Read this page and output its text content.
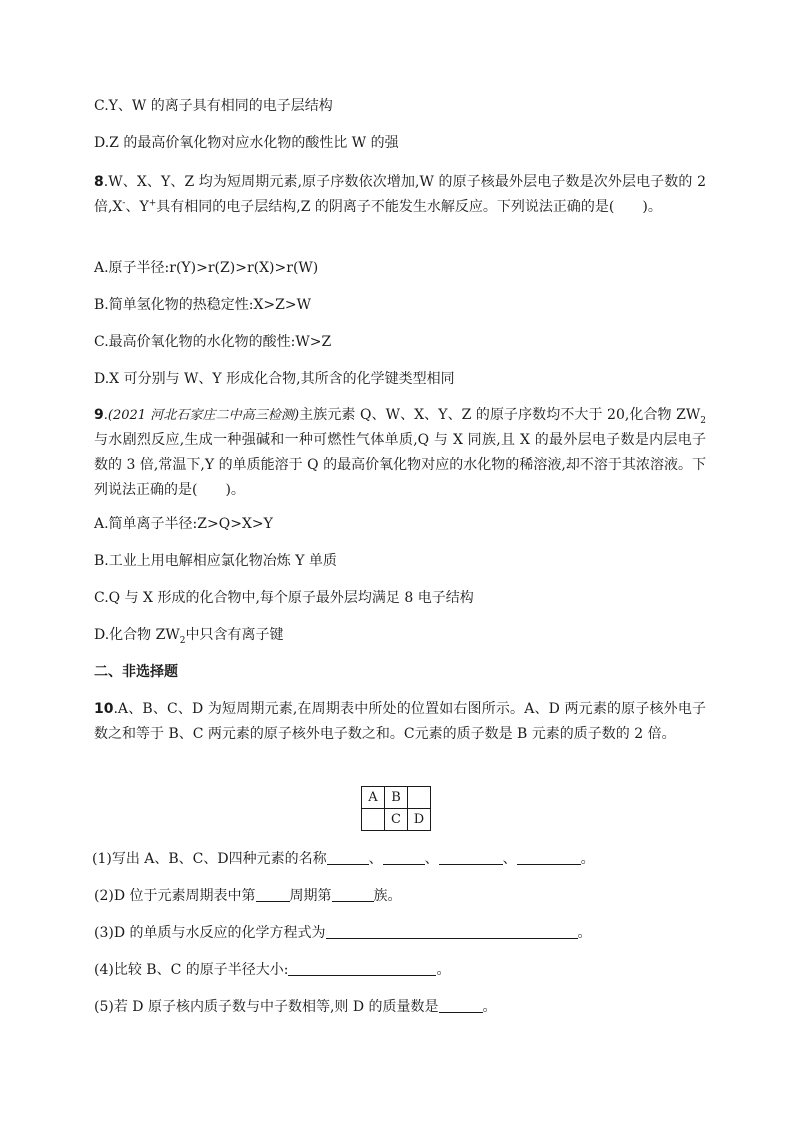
C.Y、W 的离子具有相同的电子层结构
D.Z 的最高价氧化物对应水化物的酸性比 W 的强
8.W、X、Y、Z 均为短周期元素,原子序数依次增加,W 的原子核最外层电子数是次外层电子数的 2 倍,X-、Y+具有相同的电子层结构,Z 的阴离子不能发生水解反应。下列说法正确的是(　　)。
A.原子半径:r(Y)>r(Z)>r(X)>r(W)
B.简单氢化物的热稳定性:X>Z>W
C.最高价氧化物的水化物的酸性:W>Z
D.X 可分别与 W、Y 形成化合物,其所含的化学键类型相同
9.(2021 河北石家庄二中高三检测)主族元素 Q、W、X、Y、Z 的原子序数均不大于 20,化合物 $ZW_2$与水剧烈反应,生成一种强碱和一种可燃性气体单质,Q 与 X 同族,且 X 的最外层电子数是内层电子数的 3 倍,常温下,Y 的单质能溶于 Q 的最高价氧化物对应的水化物的稀溶液,却不溶于其浓溶液。下列说法正确的是(　　)。
A.简单离子半径:Z>Q>X>Y
B.工业上用电解相应氯化物冶炼 Y 单质
C.Q 与 X 形成的化合物中,每个原子最外层均满足 8 电子结构
D.化合物 $ZW_2$中只含有离子键
二、非选择题
10.A、B、C、D 为短周期元素,在周期表中所处的位置如右图所示。A、D 两元素的原子核外电子数之和等于 B、C 两元素的原子核外电子数之和。C元素的质子数是 B 元素的质子数的 2 倍。
A	B	
	C	D
(1)写出 A、B、C、D四种元素的名称	、	、	、	。
(2)D 位于元素周期表中第 周期第	族。
(3)D 的单质与水反应的化学方程式为	。
(4)比较 B、C 的原子半径大小:	。
(5)若 D 原子核内质子数与中子数相等,则 D 的质量数是	。
